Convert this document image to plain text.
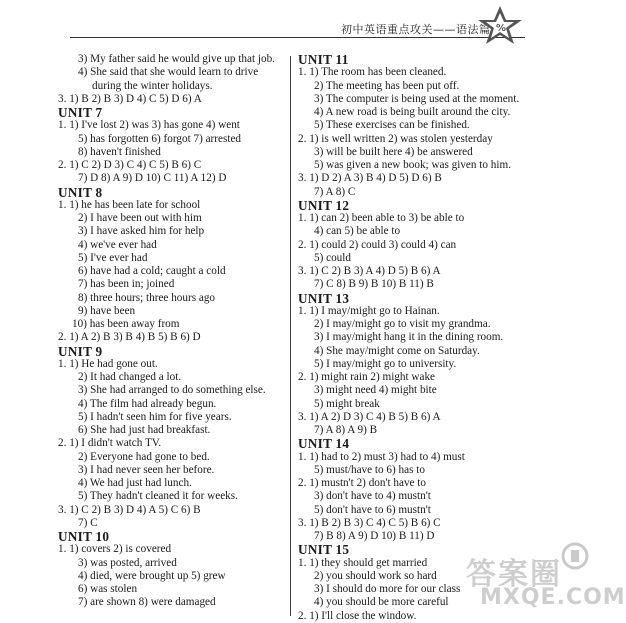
初中英语重点攻关——语法篇 %
3) My father said he would give up that job.
4) She said that she would learn to drive
during the winter holidays.
3. 1) B 2) B 3) D 4) C 5) D 6) A
UNIT 7
1. 1) I've lost 2) was 3) has gone 4) went
5) has forgotten 6) forgot 7) arrested
8) haven't finished
2. 1) C 2) D 3) C 4) C 5) B 6) C
7) D 8) A 9) D 10) C 11) A 12) D
UNIT 8
1. 1) he has been late for school
2) I have been out with him
3) I have asked him for help
4) we've ever had
5) I've ever had
6) have had a cold; caught a cold
7) has been in; joined
8) three hours; three hours ago
9) have been
10) has been away from
2. 1) A 2) B 3) B 4) B 5) B 6) D
UNIT 9
1. 1) He had gone out.
2) It had changed a lot.
3) She had arranged to do something else.
4) The film had already begun.
5) I hadn't seen him for five years.
6) She had just had breakfast.
2. 1) I didn't watch TV.
2) Everyone had gone to bed.
3) I had never seen her before.
4) We had just had lunch.
5) They hadn't cleaned it for weeks.
3. 1) C 2) B 3) D 4) A 5) C 6) B
7) C
UNIT 10
1. 1) covers 2) is covered
3) was posted, arrived
4) died, were brought up 5) grew
6) was stolen
7) are shown 8) were damaged
UNIT 11
1. 1) The room has been cleaned.
2) The meeting has been put off.
3) The computer is being used at the moment.
4) A new road is being built around the city.
5) These exercises can be finished.
2. 1) is well written 2) was stolen yesterday
3) will be built here 4) be answered
5) was given a new book; was given to him.
3. 1) D 2) A 3) B 4) D 5) D 6) B
7) A 8) C
UNIT 12
1. 1) can 2) been able to 3) be able to
4) can 5) be able to
2. 1) could 2) could 3) could 4) can
5) could
3. 1) C 2) B 3) A 4) D 5) B 6) A
7) C 8) B 9) B 10) B 11) B
UNIT 13
1. 1) I may/might go to Hainan.
2) I may/might go to visit my grandma.
3) I may/might hang it in the dining room.
4) She may/might come on Saturday.
5) I may/might go to university.
2. 1) might rain 2) might wake
3) might need 4) might bite
5) might break
3. 1) A 2) D 3) C 4) B 5) B 6) A
7) A 8) A 9) B
UNIT 14
1. 1) had to 2) must 3) had to 4) must
5) must/have to 6) has to
2. 1) mustn't 2) don't have to
3) don't have to 4) mustn't
5) don't have to 6) mustn't
3. 1) B 2) B 3) C 4) C 5) B 6) C
7) B 8) A 9) D 10) B 11) D
UNIT 15
1. 1) they should get married
2) you should work so hard
3) I should do more for our class
4) you should be more careful
2. 1) I'll close the window.
答案圈
MXQE.COM
